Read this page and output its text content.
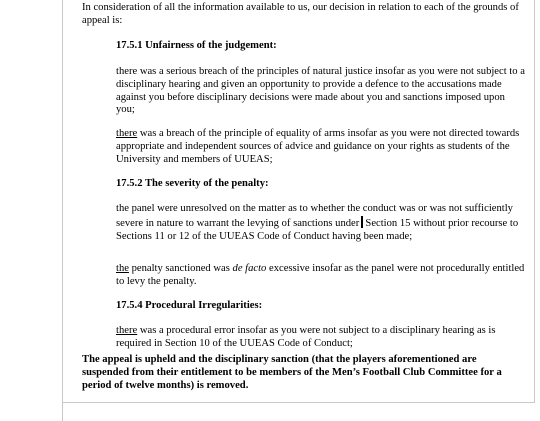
In consideration of all the information available to us, our decision in relation to each of the grounds of appeal is:

17.5.1 Unfairness of the judgement:

there was a serious breach of the principles of natural justice insofar as you were not subject to a disciplinary hearing and given an opportunity to provide a defence to the accusations made against you before disciplinary decisions were made about you and sanctions imposed upon you;

there was a breach of the principle of equality of arms insofar as you were not directed towards appropriate and independent sources of advice and guidance on your rights as students of the University and members of UUEAS;

17.5.2 The severity of the penalty:

the panel were unresolved on the matter as to whether the conduct was or was not sufficiently severe in nature to warrant the levying of sanctions under Section 15 without prior recourse to Sections 11 or 12 of the UUEAS Code of Conduct having been made;

the penalty sanctioned was de facto excessive insofar as the panel were not procedurally entitled to levy the penalty.

17.5.4 Procedural Irregularities:

there was a procedural error insofar as you were not subject to a disciplinary hearing as is required in Section 10 of the UUEAS Code of Conduct;

The appeal is upheld and the disciplinary sanction (that the players aforementioned are suspended from their entitlement to be members of the Men’s Football Club Committee for a period of twelve months) is removed.
